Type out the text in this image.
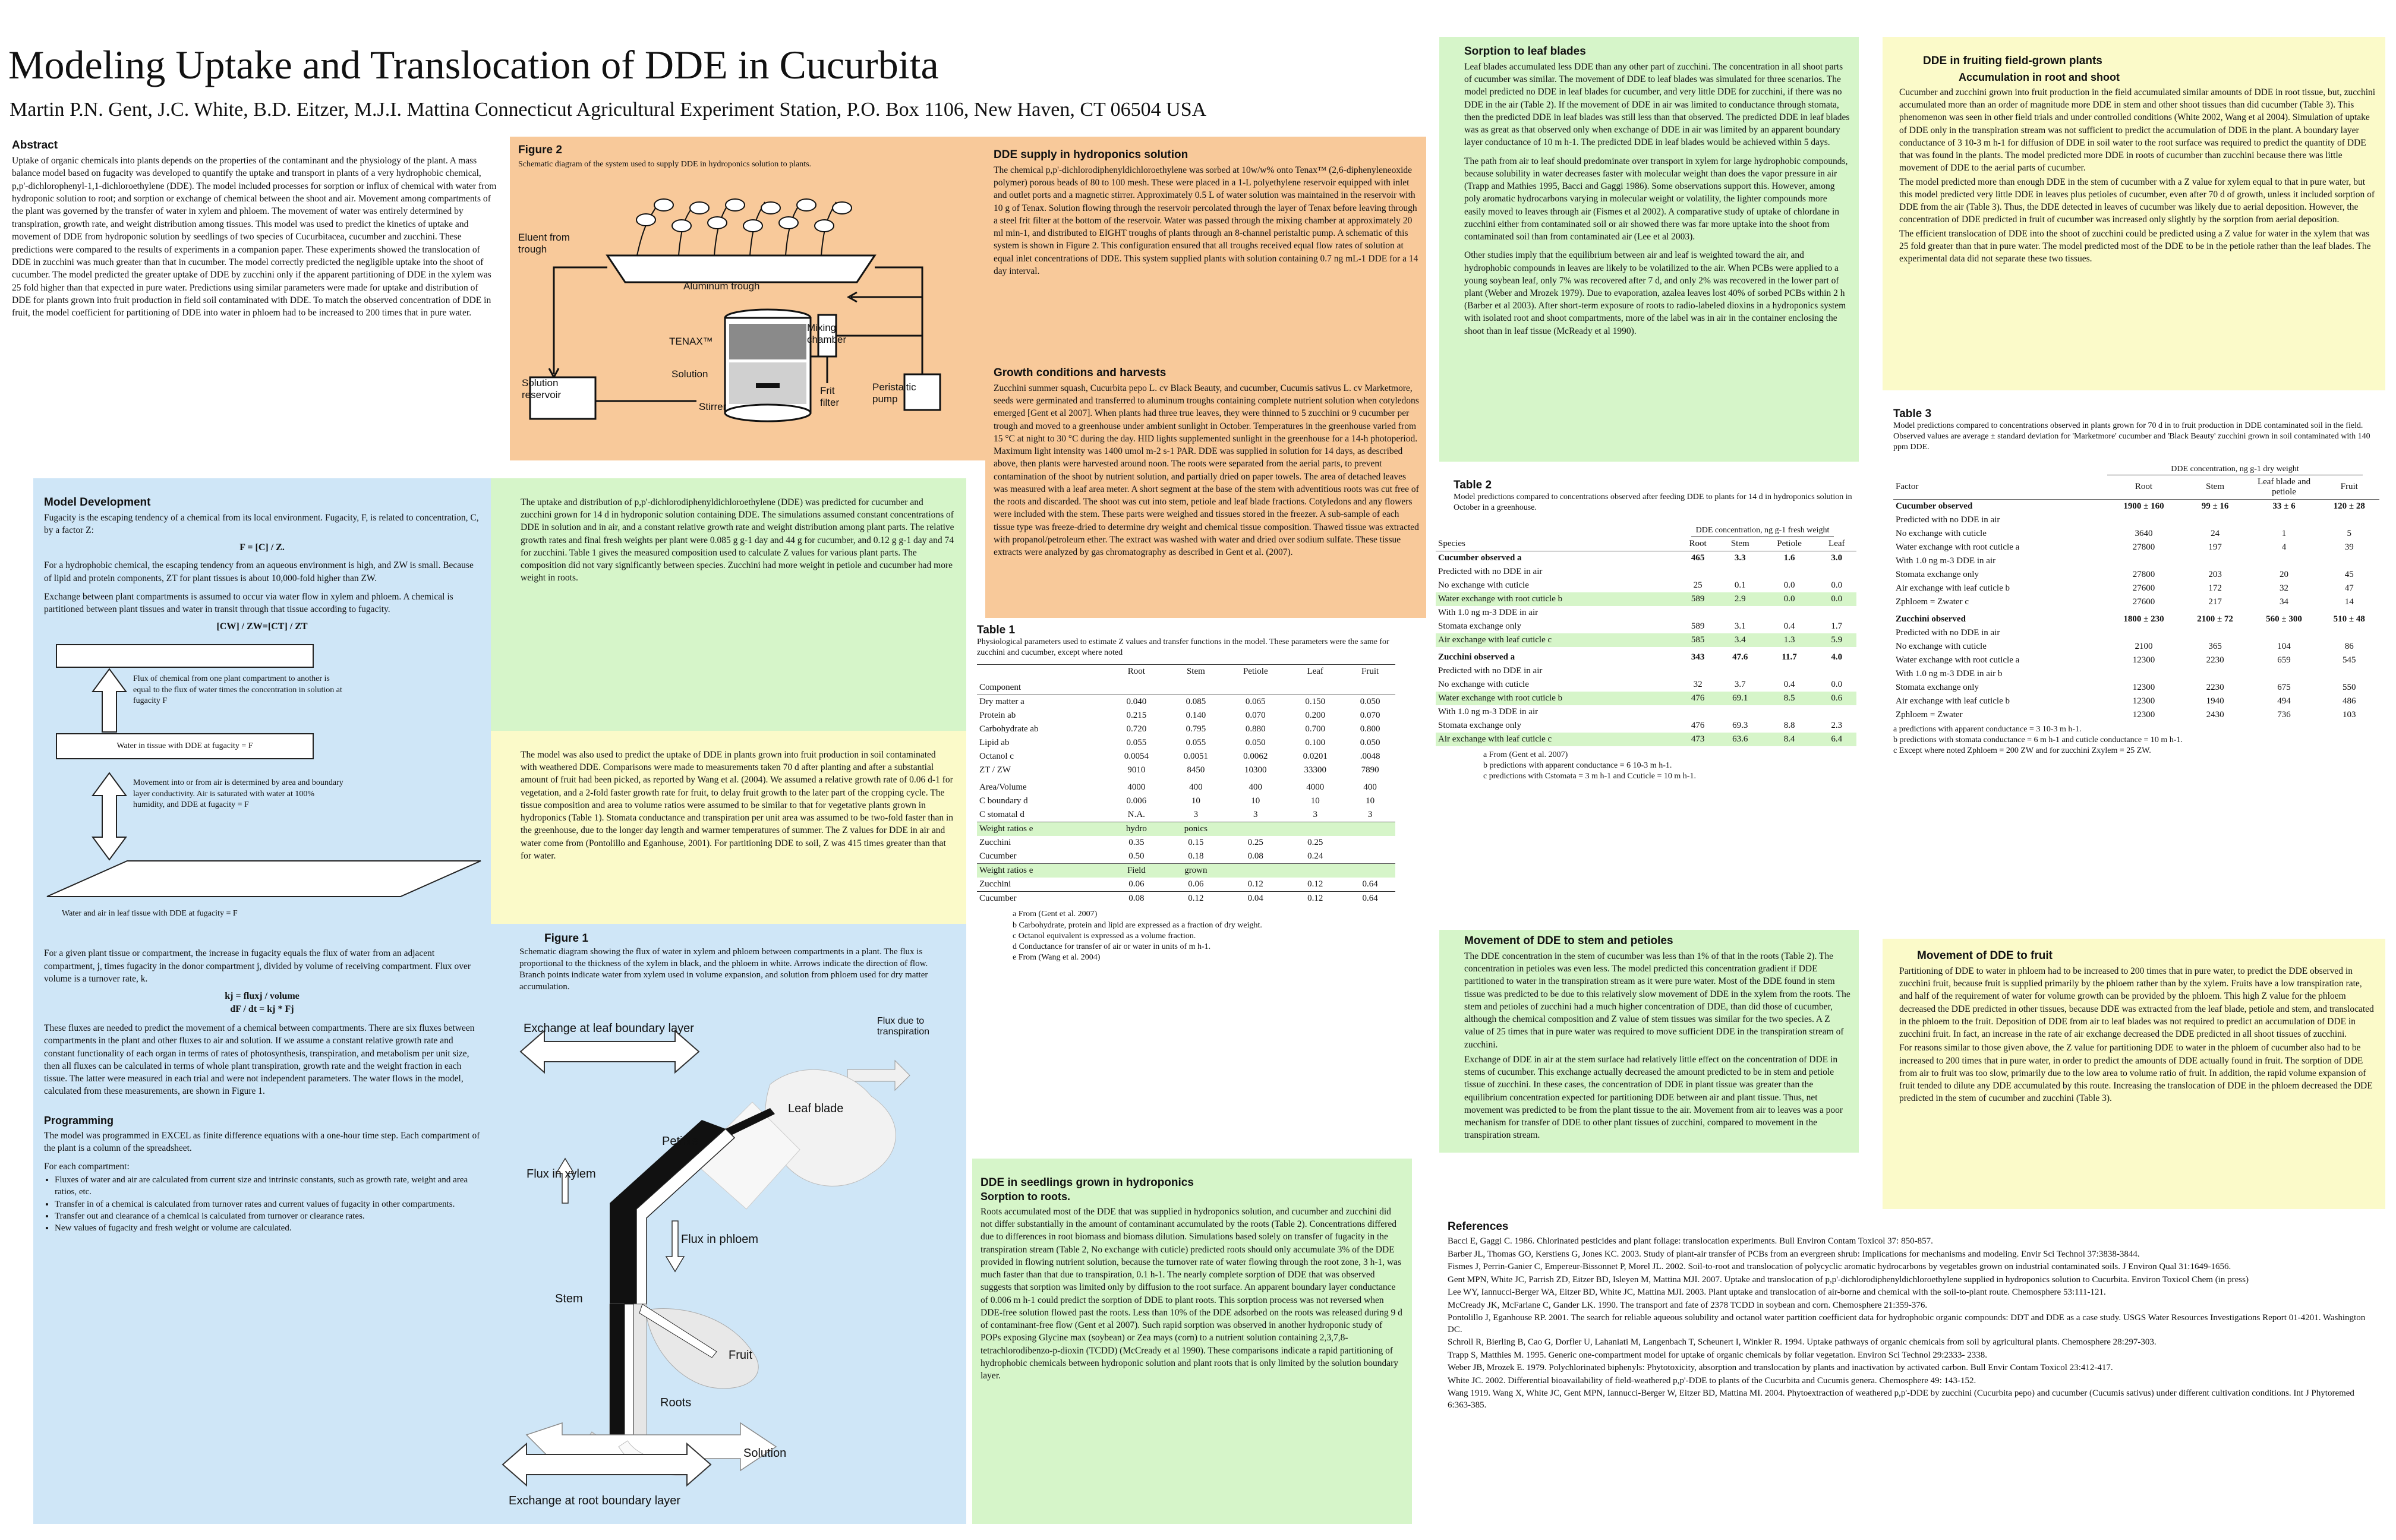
Modeling Uptake and Translocation of DDE in Cucurbita
Martin P.N. Gent, J.C. White, B.D. Eitzer, M.J.I. Mattina Connecticut Agricultural Experiment Station, P.O. Box 1106, New Haven, CT 06504 USA
Abstract
Uptake of organic chemicals into plants depends on the properties of the contaminant and the physiology of the plant. A mass balance model based on fugacity was developed to quantify the uptake and transport in plants of a very hydrophobic chemical, p,p'-dichlorophenyl-1,1-dichloroethylene (DDE). The model included processes for sorption or influx of chemical with water from hydroponic solution to root; and sorption or exchange of chemical between the shoot and air. Movement among compartments of the plant was governed by the transfer of water in xylem and phloem. The movement of water was entirely determined by transpiration, growth rate, and weight distribution among tissues. This model was used to predict the kinetics of uptake and movement of DDE from hydroponic solution by seedlings of two species of Cucurbitacea, cucumber and zucchini. These predictions were compared to the results of experiments in a companion paper. These experiments showed the translocation of DDE in zucchini was much greater than that in cucumber. The model correctly predicted the negligible uptake into the shoot of cucumber. The model predicted the greater uptake of DDE by zucchini only if the apparent partitioning of DDE in the xylem was 25 fold higher than that expected in pure water. Predictions using similar parameters were made for uptake and distribution of DDE for plants grown into fruit production in field soil contaminated with DDE. To match the observed concentration of DDE in fruit, the model coefficient for partitioning of DDE into water in phloem had to be increased to 200 times that in pure water.
Figure 2
Schematic diagram of the system used to supply DDE in hydroponics solution to plants.
Eluent from trough
Aluminum trough
TENAX™
Solution
Stirrer
Solution reservoir
Mixing chamber
Frit filter
Peristaltic pump
DDE supply in hydroponics solution
The chemical p,p'-dichlorodiphenyldichloroethylene was sorbed at 10w/w% onto Tenax™ (2,6-diphenyleneoxide polymer) porous beads of 80 to 100 mesh. These were placed in a 1-L polyethylene reservoir equipped with inlet and outlet ports and a magnetic stirrer. Approximately 0.5 L of water solution was maintained in the reservoir with 10 g of Tenax. Solution flowing through the reservoir percolated through the layer of Tenax before leaving through a steel frit filter at the bottom of the reservoir. Water was passed through the mixing chamber at approximately 20 ml min-1, and distributed to EIGHT troughs of plants through an 8-channel peristaltic pump. A schematic of this system is shown in Figure 2. This configuration ensured that all troughs received equal flow rates of solution at equal inlet concentrations of DDE. This system supplied plants with solution containing 0.7 ng mL-1 DDE for a 14 day interval.
Growth conditions and harvests
Zucchini summer squash, Cucurbita pepo L. cv Black Beauty, and cucumber, Cucumis sativus L. cv Marketmore, seeds were germinated and transferred to aluminum troughs containing complete nutrient solution when cotyledons emerged [Gent et al 2007]. When plants had three true leaves, they were thinned to 5 zucchini or 9 cucumber per trough and moved to a greenhouse under ambient sunlight in October. Temperatures in the greenhouse varied from 15 °C at night to 30 °C during the day. HID lights supplemented sunlight in the greenhouse for a 14-h photoperiod. Maximum light intensity was 1400 umol m-2 s-1 PAR. DDE was supplied in solution for 14 days, as described above, then plants were harvested around noon. The roots were separated from the aerial parts, to prevent contamination of the shoot by nutrient solution, and partially dried on paper towels. The area of detached leaves was measured with a leaf area meter. A short segment at the base of the stem with adventitious roots was cut free of the roots and discarded. The shoot was cut into stem, petiole and leaf blade fractions. Cotyledons and any flowers were included with the stem. These parts were weighed and tissues stored in the freezer. A sub-sample of each tissue type was freeze-dried to determine dry weight and chemical tissue composition. Thawed tissue was extracted with propanol/petroleum ether. The extract was washed with water and dried over sodium sulfate. These tissue extracts were analyzed by gas chromatography as described in Gent et al. (2007).
Model Development
Fugacity is the escaping tendency of a chemical from its local environment. Fugacity, F, is related to concentration, C, by a factor Z:
F = [C] / Z.
For a hydrophobic chemical, the escaping tendency from an aqueous environment is high, and ZW is small. Because of lipid and protein components, ZT for plant tissues is about 10,000-fold higher than ZW.
Exchange between plant compartments is assumed to occur via water flow in xylem and phloem. A chemical is partitioned between plant tissues and water in transit through that tissue according to fugacity.
[CW] / ZW=[CT] / ZT
Flux of chemical from one plant compartment to another is equal to the flux of water times the concentration in solution at fugacity F
Water in tissue with DDE at fugacity = F
Movement into or from air is determined by area and boundary layer conductivity. Air is saturated with water at 100% humidity, and DDE at fugacity = F
Water and air in leaf tissue with DDE at fugacity = F
For a given plant tissue or compartment, the increase in fugacity equals the flux of water from an adjacent compartment, j, times fugacity in the donor compartment j, divided by volume of receiving compartment. Flux over volume is a turnover rate, k.
kj = fluxj / volume
dF / dt = kj * Fj
These fluxes are needed to predict the movement of a chemical between compartments. There are six fluxes between compartments in the plant and other fluxes to air and solution. If we assume a constant relative growth rate and constant functionality of each organ in terms of rates of photosynthesis, transpiration, and metabolism per unit size, then all fluxes can be calculated in terms of whole plant transpiration, growth rate and the weight fraction in each tissue. The latter were measured in each trial and were not independent parameters. The water flows in the model, calculated from these measurements, are shown in Figure 1.
Programming
The model was programmed in EXCEL as finite difference equations with a one-hour time step. Each compartment of the plant is a column of the spreadsheet.
For each compartment:
• Fluxes of water and air are calculated from current size and intrinsic constants, such as growth rate, weight and area ratios, etc.
• Transfer in of a chemical is calculated from turnover rates and current values of fugacity in other compartments.
• Transfer out and clearance of a chemical is calculated from turnover or clearance rates.
• New values of fugacity and fresh weight or volume are calculated.
The uptake and distribution of p,p'-dichlorodiphenyldichloroethylene (DDE) was predicted for cucumber and zucchini grown for 14 d in hydroponic solution containing DDE. The simulations assumed constant concentrations of DDE in solution and in air, and a constant relative growth rate and weight distribution among plant parts. The relative growth rates and final fresh weights per plant were 0.085 g g-1 day and 44 g for cucumber, and 0.12 g g-1 day and 74 for zucchini. Table 1 gives the measured composition used to calculate Z values for various plant parts. The composition did not vary significantly between species. Zucchini had more weight in petiole and cucumber had more weight in roots.
The model was also used to predict the uptake of DDE in plants grown into fruit production in soil contaminated with weathered DDE. Comparisons were made to measurements taken 70 d after planting and after a substantial amount of fruit had been picked, as reported by Wang et al. (2004). We assumed a relative growth rate of 0.06 d-1 for vegetation, and a 2-fold faster growth rate for fruit, to delay fruit growth to the later part of the cropping cycle. The tissue composition and area to volume ratios were assumed to be similar to that for vegetative plants grown in hydroponics (Table 1). Stomata conductance and transpiration per unit area was assumed to be two-fold faster than in the greenhouse, due to the longer day length and warmer temperatures of summer. The Z values for DDE in air and water come from (Pontolillo and Eganhouse, 2001). For partitioning DDE to soil, Z was 415 times greater than that for water.
Figure 1
Schematic diagram showing the flux of water in xylem and phloem between compartments in a plant. The flux is proportional to the thickness of the xylem in black, and the phloem in white. Arrows indicate the direction of flow. Branch points indicate water from xylem used in volume expansion, and solution from phloem used for dry matter accumulation.
Exchange at leaf boundary layer
Flux due to transpiration
Leaf blade
Petiole
Flux in xylem
Flux in phloem
Stem
Fruit
Roots
Solution
Exchange at root boundary layer
Table 1
Physiological parameters used to estimate Z values and transfer functions in the model. These parameters were the same for zucchini and cucumber, except where noted
Component	Root	Stem	Petiole	Leaf	Fruit
Dry matter a	0.040	0.085	0.065	0.150	0.050
Protein ab	0.215	0.140	0.070	0.200	0.070
Carbohydrate ab	0.720	0.795	0.880	0.700	0.800
Lipid ab	0.055	0.055	0.050	0.100	0.050
Octanol c	0.0054	0.0051	0.0062	0.0201	.0048
ZT / ZW	9010	8450	10300	33300	7890

Area/Volume	4000	400	400	4000	400
C boundary d	0.006	10	10	10	10
C stomatal d	N.A.	3	3	3	3
Weight ratios e	hydro	ponics			
Zucchini	0.35	0.15	0.25	0.25	
Cucumber	0.50	0.18	0.08	0.24	
Weight ratios e	Field	grown			
Zucchini	0.06	0.06	0.12	0.12	0.64
Cucumber	0.08	0.12	0.04	0.12	0.64
a From (Gent et al. 2007)
b Carbohydrate, protein and lipid are expressed as a fraction of dry weight.
c Octanol equivalent is expressed as a volume fraction.
d Conductance for transfer of air or water in units of m h-1.
e From (Wang et al. 2004)
DDE in seedlings grown in hydroponics
Sorption to roots.
Roots accumulated most of the DDE that was supplied in hydroponics solution, and cucumber and zucchini did not differ substantially in the amount of contaminant accumulated by the roots (Table 2). Concentrations differed due to differences in root biomass and biomass dilution. Simulations based solely on transfer of fugacity in the transpiration stream (Table 2, No exchange with cuticle) predicted roots should only accumulate 3% of the DDE provided in flowing nutrient solution, because the turnover rate of water flowing through the root zone, 3 h-1, was much faster than that due to transpiration, 0.1 h-1. The nearly complete sorption of DDE that was observed suggests that sorption was limited only by diffusion to the root surface. An apparent boundary layer conductance of 0.006 m h-1 could predict the sorption of DDE to plant roots. This sorption process was not reversed when DDE-free solution flowed past the roots. Less than 10% of the DDE adsorbed on the roots was released during 9 d of contaminant-free flow (Gent et al 2007). Such rapid sorption was observed in another hydroponic study of POPs exposing Glycine max (soybean) or Zea mays (corn) to a nutrient solution containing 2,3,7,8-tetrachlorodibenzo-p-dioxin (TCDD) (McCready et al 1990). These comparisons indicate a rapid partitioning of hydrophobic chemicals between hydroponic solution and plant roots that is only limited by the solution boundary layer.
Sorption to leaf blades
Leaf blades accumulated less DDE than any other part of zucchini. The concentration in all shoot parts of cucumber was similar. The movement of DDE to leaf blades was simulated for three scenarios. The model predicted no DDE in leaf blades for cucumber, and very little DDE for zucchini, if there was no DDE in the air (Table 2). If the movement of DDE in air was limited to conductance through stomata, then the predicted DDE in leaf blades was still less than that observed. The predicted DDE in leaf blades was as great as that observed only when exchange of DDE in air was limited by an apparent boundary layer conductance of 10 m h-1. The predicted DDE in leaf blades would be achieved within 5 days.
The path from air to leaf should predominate over transport in xylem for large hydrophobic compounds, because solubility in water decreases faster with molecular weight than does the vapor pressure in air (Trapp and Mathies 1995, Bacci and Gaggi 1986). Some observations support this. However, among poly aromatic hydrocarbons varying in molecular weight or volatility, the lighter compounds more easily moved to leaves through air (Fismes et al 2002). A comparative study of uptake of chlordane in zucchini either from contaminated soil or air showed there was far more uptake into the shoot from contaminated soil than from contaminated air (Lee et al 2003).
Other studies imply that the equilibrium between air and leaf is weighted toward the air, and hydrophobic compounds in leaves are likely to be volatilized to the air. When PCBs were applied to a young soybean leaf, only 7% was recovered after 7 d, and only 2% was recovered in the lower part of plant (Weber and Mrozek 1979). Due to evaporation, azalea leaves lost 40% of sorbed PCBs within 2 h (Barber et al 2003). After short-term exposure of roots to radio-labeled dioxins in a hydroponics system with isolated root and shoot compartments, more of the label was in air in the container enclosing the shoot than in leaf tissue (McReady et al 1990).
Table 2
Model predictions compared to concentrations observed after feeding DDE to plants for 14 d in hydroponics solution in October in a greenhouse.
DDE concentration, ng g-1 fresh weight
Species	Root	Stem	Petiole	Leaf
Cucumber observed a	465	3.3	1.6	3.0
Predicted with no DDE in air				
No exchange with cuticle	25	0.1	0.0	0.0
Water exchange with root cuticle b	589	2.9	0.0	0.0
With 1.0 ng m-3 DDE in air				
Stomata exchange only	589	3.1	0.4	1.7
Air exchange with leaf cuticle c	585	3.4	1.3	5.9

Zucchini observed a	343	47.6	11.7	4.0
Predicted with no DDE in air				
No exchange with cuticle	32	3.7	0.4	0.0
Water exchange with root cuticle b	476	69.1	8.5	0.6
With 1.0 ng m-3 DDE in air				
Stomata exchange only	476	69.3	8.8	2.3
Air exchange with leaf cuticle c	473	63.6	8.4	6.4
a From (Gent et al. 2007)
b predictions with apparent conductance = 6 10-3 m h-1.
c predictions with Cstomata = 3 m h-1 and Ccuticle = 10 m h-1.
Movement of DDE to stem and petioles
The DDE concentration in the stem of cucumber was less than 1% of that in the roots (Table 2). The concentration in petioles was even less. The model predicted this concentration gradient if DDE partitioned to water in the transpiration stream as it were pure water. Most of the DDE found in stem tissue was predicted to be due to this relatively slow movement of DDE in the xylem from the roots. The stem and petioles of zucchini had a much higher concentration of DDE, than did those of cucumber, although the chemical composition and Z value of stem tissues was similar for the two species. A Z value of 25 times that in pure water was required to move sufficient DDE in the transpiration stream of zucchini.
Exchange of DDE in air at the stem surface had relatively little effect on the concentration of DDE in stems of cucumber. This exchange actually decreased the amount predicted to be in stem and petiole tissue of zucchini. In these cases, the concentration of DDE in plant tissue was greater than the equilibrium concentration expected for partitioning DDE between air and plant tissue. Thus, net movement was predicted to be from the plant tissue to the air. Movement from air to leaves was a poor mechanism for transfer of DDE to other plant tissues of zucchini, compared to movement in the transpiration stream.
References
Bacci E, Gaggi C. 1986. Chlorinated pesticides and plant foliage: translocation experiments. Bull Environ Contam Toxicol 37: 850-857.
Barber JL, Thomas GO, Kerstiens G, Jones KC. 2003. Study of plant-air transfer of PCBs from an evergreen shrub: Implications for mechanisms and modeling. Envir Sci Technol 37:3838-3844.
Fismes J, Perrin-Ganier C, Empereur-Bissonnet P, Morel JL. 2002. Soil-to-root and translocation of polycyclic aromatic hydrocarbons by vegetables grown on industrial contaminated soils. J Environ Qual 31:1649-1656.
Gent MPN, White JC, Parrish ZD, Eitzer BD, Isleyen M, Mattina MJI. 2007. Uptake and translocation of p,p'-dichlorodiphenyldichloroethylene supplied in hydroponics solution to Cucurbita. Environ Toxicol Chem (in press)
Lee WY, Iannucci-Berger WA, Eitzer BD, White JC, Mattina MJI. 2003. Plant uptake and translocation of air-borne and chemical with the soil-to-plant route. Chemosphere 53:111-121.
McCready JK, McFarlane C, Gander LK. 1990. The transport and fate of 2378 TCDD in soybean and corn. Chemosphere 21:359-376.
Pontolillo J, Eganhouse RP. 2001. The search for reliable aqueous solubility and octanol water partition coefficient data for hydrophobic organic compounds: DDT and DDE as a case study. USGS Water Resources Investigations Report 01-4201. Washington DC.
Schroll R, Bierling B, Cao G, Dorfler U, Lahaniati M, Langenbach T, Scheunert I, Winkler R. 1994. Uptake pathways of organic chemicals from soil by agricultural plants. Chemosphere 28:297-303.
Trapp S, Matthies M. 1995. Generic one-compartment model for uptake of organic chemicals by foliar vegetation. Environ Sci Technol 29:2333- 2338.
Weber JB, Mrozek E. 1979. Polychlorinated biphenyls: Phytotoxicity, absorption and translocation by plants and inactivation by activated carbon. Bull Envir Contam Toxicol 23:412-417.
White JC. 2002. Differential bioavailability of field-weathered p,p'-DDE to plants of the Cucurbita and Cucumis genera. Chemosphere 49: 143-152.
Wang 1919. Wang X, White JC, Gent MPN, Iannucci-Berger W, Eitzer BD, Mattina MI. 2004. Phytoextraction of weathered p,p'-DDE by zucchini (Cucurbita pepo) and cucumber (Cucumis sativus) under different cultivation conditions. Int J Phytoremed 6:363-385.
DDE in fruiting field-grown plants
Accumulation in root and shoot
Cucumber and zucchini grown into fruit production in the field accumulated similar amounts of DDE in root tissue, but, zucchini accumulated more than an order of magnitude more DDE in stem and other shoot tissues than did cucumber (Table 3). This phenomenon was seen in other field trials and under controlled conditions (White 2002, Wang et al 2004). Simulation of uptake of DDE only in the transpiration stream was not sufficient to predict the accumulation of DDE in the plant. A boundary layer conductance of 3 10-3 m h-1 for diffusion of DDE in soil water to the root surface was required to predict the quantity of DDE that was found in the plants. The model predicted more DDE in roots of cucumber than zucchini because there was little movement of DDE to the aerial parts of cucumber.
The model predicted more than enough DDE in the stem of cucumber with a Z value for xylem equal to that in pure water, but this model predicted very little DDE in leaves plus petioles of cucumber, even after 70 d of growth, unless it included sorption of DDE from the air (Table 3). Thus, the DDE detected in leaves of cucumber was likely due to aerial deposition. However, the concentration of DDE predicted in fruit of cucumber was increased only slightly by the sorption from aerial deposition.
The efficient translocation of DDE into the shoot of zucchini could be predicted using a Z value for water in the xylem that was 25 fold greater than that in pure water. The model predicted most of the DDE to be in the petiole rather than the leaf blades. The experimental data did not separate these two tissues.
Table 3
Model predictions compared to concentrations observed in plants grown for 70 d in to fruit production in DDE contaminated soil in the field. Observed values are average ± standard deviation for 'Marketmore' cucumber and 'Black Beauty' zucchini grown in soil contaminated with 140 ppm DDE.
DDE concentration, ng g-1 dry weight
Factor	Root	Stem	Leaf blade and petiole	Fruit
Cucumber observed	1900 ± 160	99 ± 16	33 ± 6	120 ± 28
Predicted with no DDE in air				
No exchange with cuticle	3640	24	1	5
Water exchange with root cuticle a	27800	197	4	39
With 1.0 ng m-3 DDE in air				
Stomata exchange only	27800	203	20	45
Air exchange with leaf cuticle b	27600	172	32	47
Zphloem = Zwater c	27600	217	34	14

Zucchini observed	1800 ± 230	2100 ± 72	560 ± 300	510 ± 48
Predicted with no DDE in air				
No exchange with cuticle	2100	365	104	86
Water exchange with root cuticle a	12300	2230	659	545
With 1.0 ng m-3 DDE in air b				
Stomata exchange only	12300	2230	675	550
Air exchange with leaf cuticle b	12300	1940	494	486
Zphloem = Zwater	12300	2430	736	103
a predictions with apparent conductance = 3 10-3 m h-1.
b predictions with stomata conductance = 6 m h-1 and cuticle conductance = 10 m h-1.
c Except where noted Zphloem = 200 ZW and for zucchini Zxylem = 25 ZW.
Movement of DDE to fruit
Partitioning of DDE to water in phloem had to be increased to 200 times that in pure water, to predict the DDE observed in zucchini fruit, because fruit is supplied primarily by the phloem rather than by the xylem. Fruits have a low transpiration rate, and half of the requirement of water for volume growth can be provided by the phloem. This high Z value for the phloem decreased the DDE predicted in other tissues, because DDE was extracted from the leaf blade, petiole and stem, and translocated in the phloem to the fruit. Deposition of DDE from air to leaf blades was not required to predict an accumulation of DDE in zucchini fruit. In fact, an increase in the rate of air exchange decreased the DDE predicted in all shoot tissues of zucchini.
For reasons similar to those given above, the Z value for partitioning DDE to water in the phloem of cucumber also had to be increased to 200 times that in pure water, in order to predict the amounts of DDE actually found in fruit. The sorption of DDE from air to fruit was too slow, primarily due to the low area to volume ratio of fruit. In addition, the rapid volume expansion of fruit tended to dilute any DDE accumulated by this route. Increasing the translocation of DDE in the phloem decreased the DDE predicted in the stem of cucumber and zucchini (Table 3).
